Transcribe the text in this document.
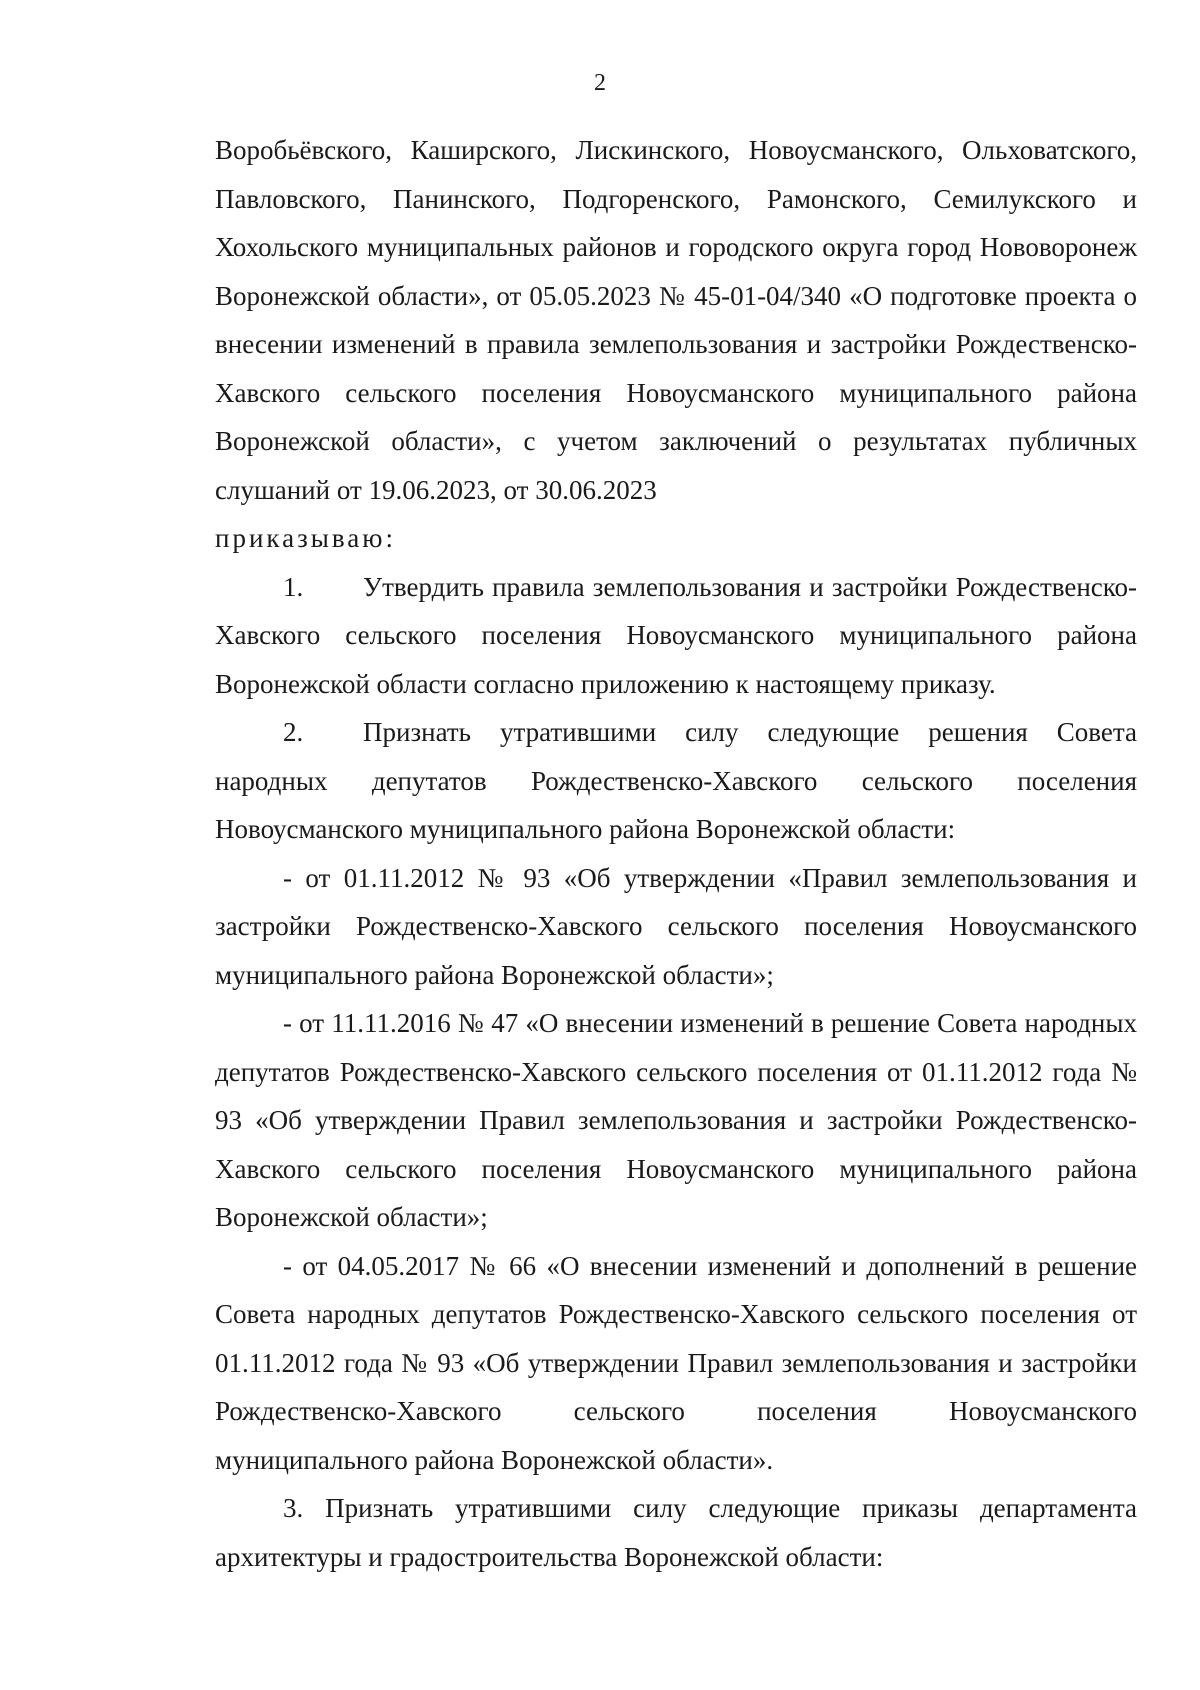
2

Воробьёвского, Каширского, Лискинского, Новоусманского, Ольховатского, Павловского, Панинского, Подгоренского, Рамонского, Семилукского и Хохольского муниципальных районов и городского округа город Нововоронеж Воронежской области», от 05.05.2023 № 45-01-04/340 «О подготовке проекта о внесении изменений в правила землепользования и застройки Рождественско-Хавского сельского поселения Новоусманского муниципального района Воронежской области», с учетом заключений о результатах публичных слушаний от 19.06.2023, от 30.06.2023

приказываю:

1. Утвердить правила землепользования и застройки Рождественско-Хавского сельского поселения Новоусманского муниципального района Воронежской области согласно приложению к настоящему приказу.

2. Признать утратившими силу следующие решения Совета народных депутатов Рождественско-Хавского сельского поселения Новоусманского муниципального района Воронежской области:

- от 01.11.2012 № 93 «Об утверждении «Правил землепользования и застройки Рождественско-Хавского сельского поселения Новоусманского муниципального района Воронежской области»;

- от 11.11.2016 № 47 «О внесении изменений в решение Совета народных депутатов Рождественско-Хавского сельского поселения от 01.11.2012 года № 93 «Об утверждении Правил землепользования и застройки Рождественско-Хавского сельского поселения Новоусманского муниципального района Воронежской области»;

- от 04.05.2017 № 66 «О внесении изменений и дополнений в решение Совета народных депутатов Рождественско-Хавского сельского поселения от 01.11.2012 года № 93 «Об утверждении Правил землепользования и застройки Рождественско-Хавского сельского поселения Новоусманского муниципального района Воронежской области».

3. Признать утратившими силу следующие приказы департамента архитектуры и градостроительства Воронежской области:
